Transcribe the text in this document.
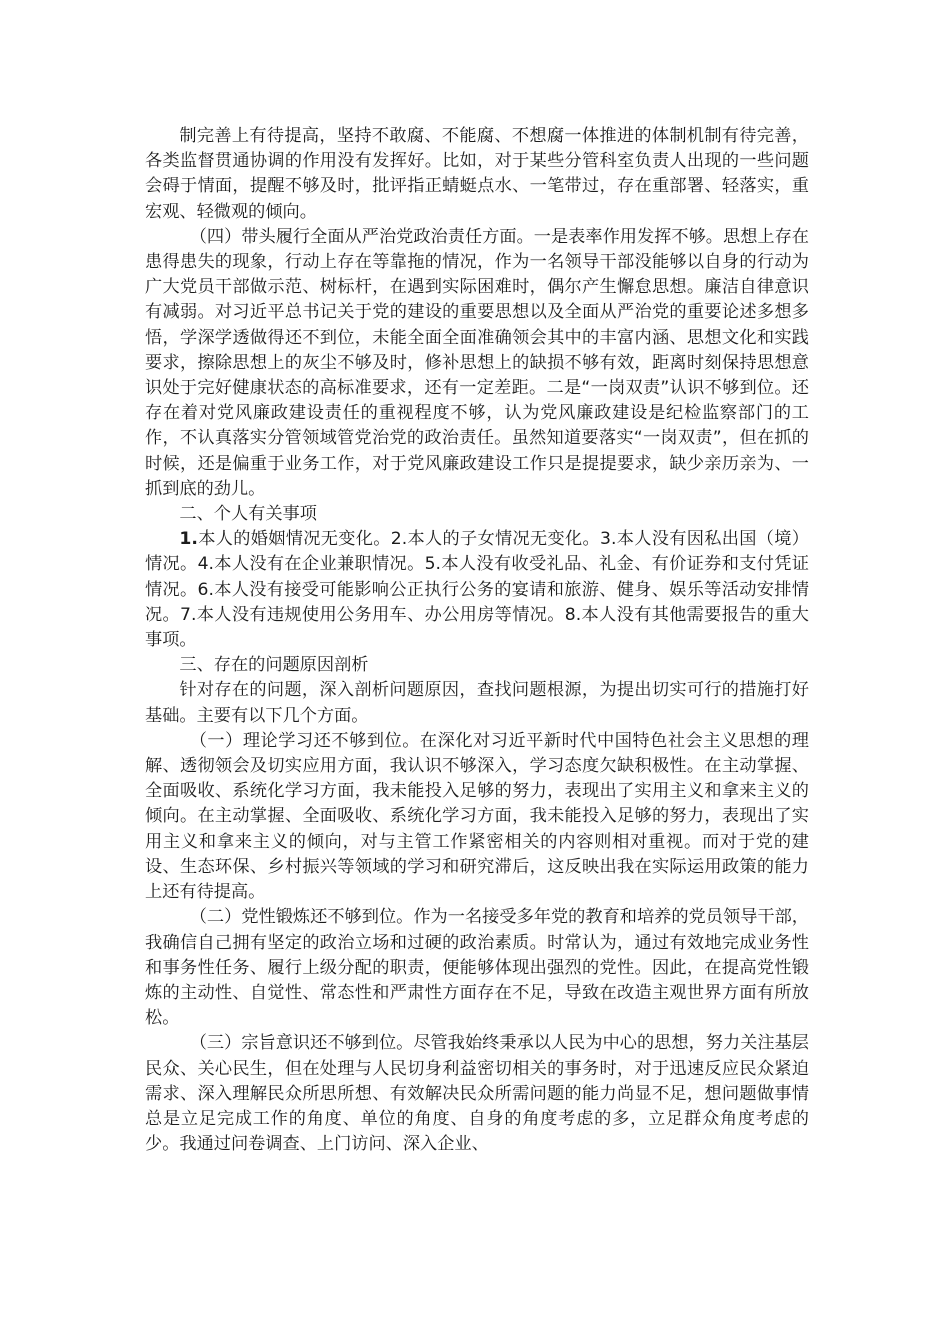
制完善上有待提高，坚持不敢腐、不能腐、不想腐一体推进的体制机制有待完善，各类监督贯通协调的作用没有发挥好。比如，对于某些分管科室负责人出现的一些问题会碍于情面，提醒不够及时，批评指正蜻蜓点水、一笔带过，存在重部署、轻落实，重宏观、轻微观的倾向。

（四）带头履行全面从严治党政治责任方面。一是表率作用发挥不够。思想上存在患得患失的现象，行动上存在等靠拖的情况，作为一名领导干部没能够以自身的行动为广大党员干部做示范、树标杆，在遇到实际困难时，偶尔产生懈怠思想。廉洁自律意识有减弱。对习近平总书记关于党的建设的重要思想以及全面从严治党的重要论述多想多悟，学深学透做得还不到位，未能全面全面准确领会其中的丰富内涵、思想文化和实践要求，擦除思想上的灰尘不够及时，修补思想上的缺损不够有效，距离时刻保持思想意识处于完好健康状态的高标准要求，还有一定差距。二是“一岗双责”认识不够到位。还存在着对党风廉政建设责任的重视程度不够，认为党风廉政建设是纪检监察部门的工作，不认真落实分管领域管党治党的政治责任。虽然知道要落实“一岗双责”，但在抓的时候，还是偏重于业务工作，对于党风廉政建设工作只是提提要求，缺少亲历亲为、一抓到底的劲儿。

二、个人有关事项

1.本人的婚姻情况无变化。2.本人的子女情况无变化。3.本人没有因私出国（境）情况。4.本人没有在企业兼职情况。5.本人没有收受礼品、礼金、有价证券和支付凭证情况。6.本人没有接受可能影响公正执行公务的宴请和旅游、健身、娱乐等活动安排情况。7.本人没有违规使用公务用车、办公用房等情况。8.本人没有其他需要报告的重大事项。

三、存在的问题原因剖析

针对存在的问题，深入剖析问题原因，查找问题根源，为提出切实可行的措施打好基础。主要有以下几个方面。

（一）理论学习还不够到位。在深化对习近平新时代中国特色社会主义思想的理解、透彻领会及切实应用方面，我认识不够深入，学习态度欠缺积极性。在主动掌握、全面吸收、系统化学习方面，我未能投入足够的努力，表现出了实用主义和拿来主义的倾向。在主动掌握、全面吸收、系统化学习方面，我未能投入足够的努力，表现出了实用主义和拿来主义的倾向，对与主管工作紧密相关的内容则相对重视。而对于党的建设、生态环保、乡村振兴等领域的学习和研究滞后，这反映出我在实际运用政策的能力上还有待提高。

（二）党性锻炼还不够到位。作为一名接受多年党的教育和培养的党员领导干部，我确信自己拥有坚定的政治立场和过硬的政治素质。时常认为，通过有效地完成业务性和事务性任务、履行上级分配的职责，便能够体现出强烈的党性。因此，在提高党性锻炼的主动性、自觉性、常态性和严肃性方面存在不足，导致在改造主观世界方面有所放松。

（三）宗旨意识还不够到位。尽管我始终秉承以人民为中心的思想，努力关注基层民众、关心民生，但在处理与人民切身利益密切相关的事务时，对于迅速反应民众紧迫需求、深入理解民众所思所想、有效解决民众所需问题的能力尚显不足，想问题做事情总是立足完成工作的角度、单位的角度、自身的角度考虑的多，立足群众角度考虑的少。我通过问卷调查、上门访问、深入企业、
